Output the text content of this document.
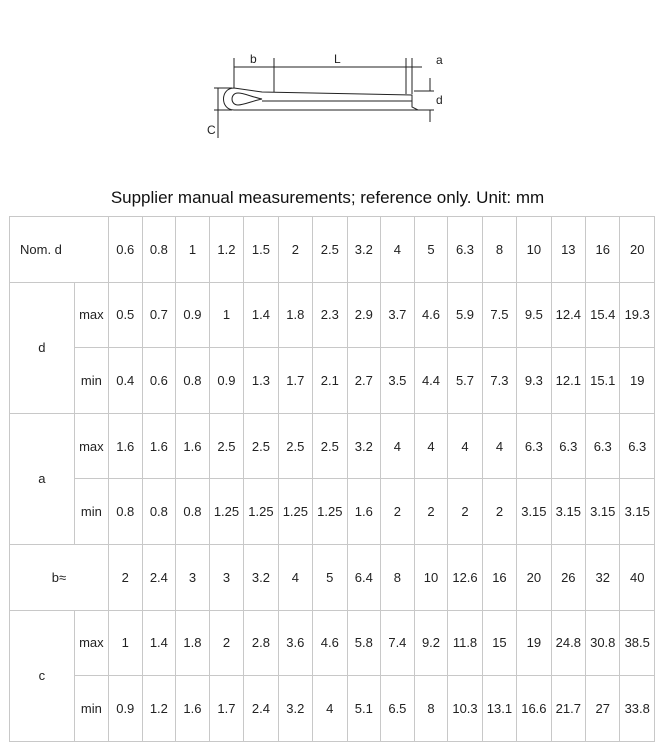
b	L	a
d
C
Supplier manual measurements; reference only. Unit: mm
Nom. d		0.6	0.8	1	1.2	1.5	2	2.5	3.2	4	5	6.3	8	10	13	16	20
d	max	0.5	0.7	0.9	1	1.4	1.8	2.3	2.9	3.7	4.6	5.9	7.5	9.5	12.4	15.4	19.3
	min	0.4	0.6	0.8	0.9	1.3	1.7	2.1	2.7	3.5	4.4	5.7	7.3	9.3	12.1	15.1	19
a	max	1.6	1.6	1.6	2.5	2.5	2.5	2.5	3.2	4	4	4	4	6.3	6.3	6.3	6.3
	min	0.8	0.8	0.8	1.25	1.25	1.25	1.25	1.6	2	2	2	2	3.15	3.15	3.15	3.15
b≈		2	2.4	3	3	3.2	4	5	6.4	8	10	12.6	16	20	26	32	40
c	max	1	1.4	1.8	2	2.8	3.6	4.6	5.8	7.4	9.2	11.8	15	19	24.8	30.8	38.5
	min	0.9	1.2	1.6	1.7	2.4	3.2	4	5.1	6.5	8	10.3	13.1	16.6	21.7	27	33.8
